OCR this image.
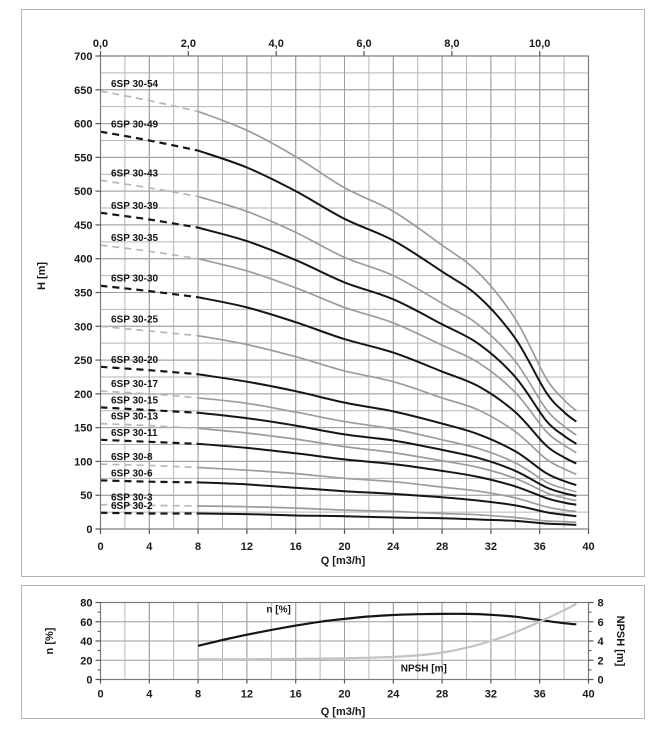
0	4	8	12	16	20	24	28	32	36	40
700
650
600
550
500
450
400
350
300
250
200
150
100
50
0
0,0	2,0	4,0	6,0	8,0	10,0
6SP 30-54
6SP 30-49
6SP 30-43
6SP 30-39
6SP 30-35
6SP 30-30
6SP 30-25
6SP 30-20
6SP 30-17
6SP 30-15
6SP 30-13
6SP 30-11
6SP 30-8
6SP 30-6
6SP 30-3
6SP 30-2
H [m]
Q [m3/h]
0	4	8	12	16	20	24	28	32	36	40
80
60
40
20
0
8
6
4
2
0
n [%]
NPSH [m]
n [%]	NPSH [m]
Q [m3/h]
